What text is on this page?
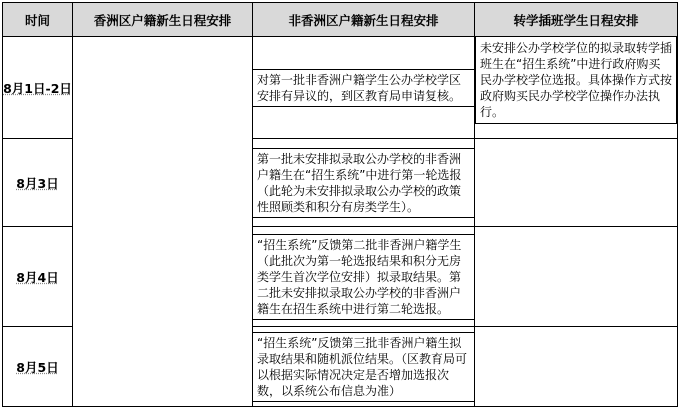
时间	香洲区户籍新生日程安排	非香洲区户籍新生日程安排	转学插班学生日程安排
8月1日-2日		对第一批非香洲户籍学生公办学校学区安排有异议的，到区教育局申请复核。	未安排公办学校学位的拟录取转学插班生在“招生系统”中进行政府购买民办学校学位选报。具体操作方式按政府购买民办学校学位操作办法执行。

8月3日		第一批未安排拟录取公办学校的非香洲户籍生在“招生系统”中进行第一轮选报（此轮为未安排拟录取公办学校的政策性照顾类和积分有房类学生）。	

8月4日		“招生系统”反馈第二批非香洲户籍学生（此批次为第一轮选报结果和积分无房类学生首次学位安排）拟录取结果。第二批未安排拟录取公办学校的非香洲户籍生在招生系统中进行第二轮选报。	

8月5日		“招生系统”反馈第三批非香洲户籍生拟录取结果和随机派位结果。（区教育局可以根据实际情况决定是否增加选报次数，以系统公布信息为准）	
